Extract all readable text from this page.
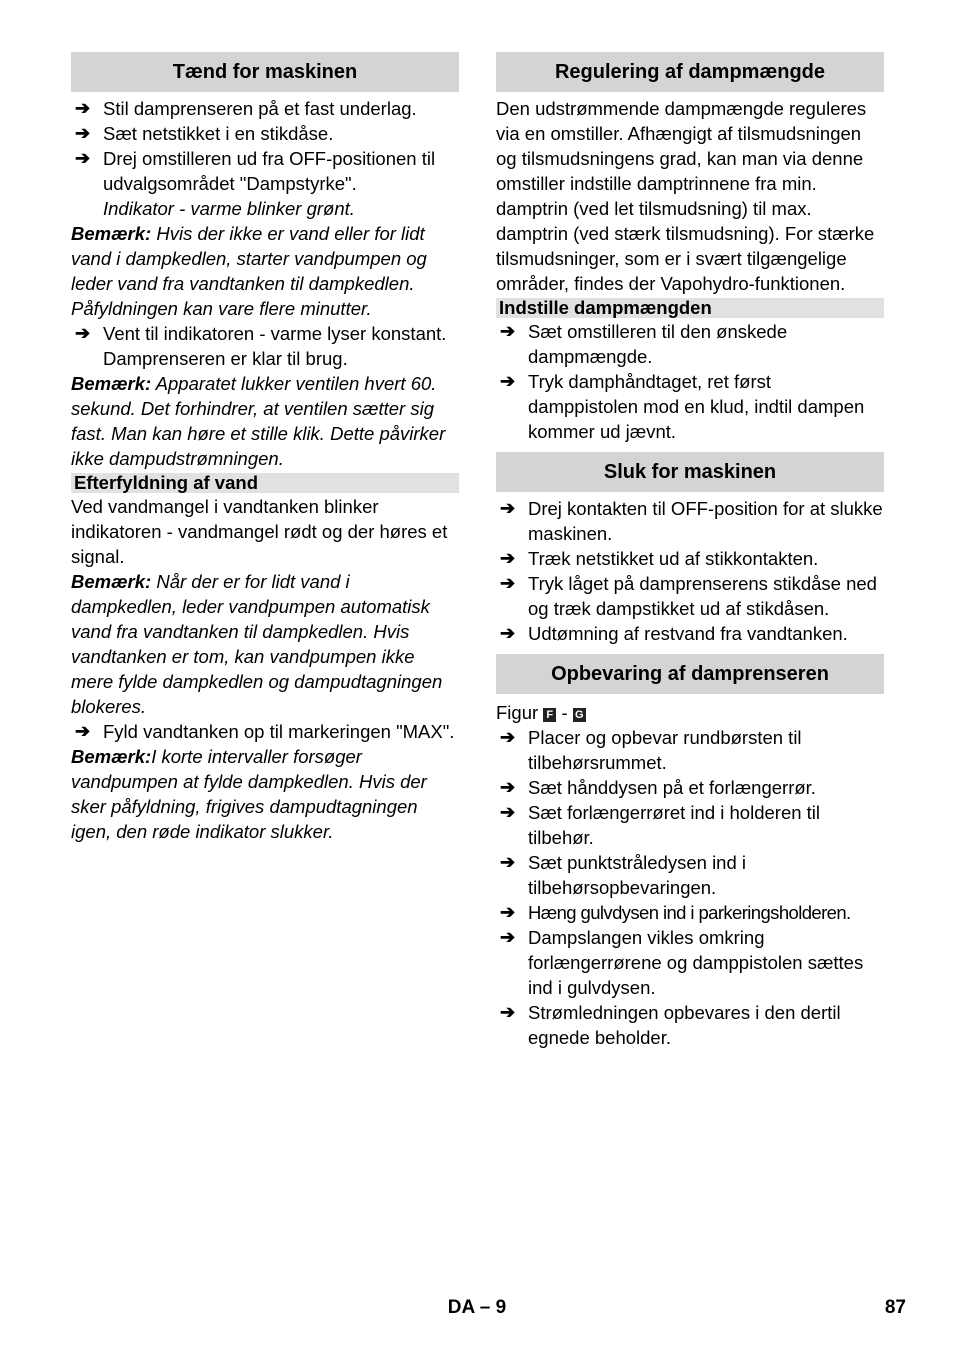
Tænd for maskinen
➔ Stil damprenseren på et fast underlag.
➔ Sæt netstikket i en stikdåse.
➔ Drej omstilleren ud fra OFF-positionen til udvalgsområdet "Dampstyrke".
Indikator - varme blinker grønt.
Bemærk: Hvis der ikke er vand eller for lidt vand i dampkedlen, starter vandpumpen og leder vand fra vandtanken til dampkedlen. Påfyldningen kan vare flere minutter.
➔ Vent til indikatoren - varme lyser konstant.
Damprenseren er klar til brug.
Bemærk: Apparatet lukker ventilen hvert 60. sekund. Det forhindrer, at ventilen sætter sig fast. Man kan høre et stille klik. Dette påvirker ikke dampudstrømningen.
Efterfyldning af vand
Ved vandmangel i vandtanken blinker indikatoren - vandmangel rødt og der høres et signal.
Bemærk: Når der er for lidt vand i dampkedlen, leder vandpumpen automatisk vand fra vandtanken til dampkedlen. Hvis vandtanken er tom, kan vandpumpen ikke mere fylde dampkedlen og dampudtagningen blokeres.
➔ Fyld vandtanken op til markeringen "MAX".
Bemærk:I korte intervaller forsøger vandpumpen at fylde dampkedlen. Hvis der sker påfyldning, frigives dampudtagningen igen, den røde indikator slukker.
Regulering af dampmængde
Den udstrømmende dampmængde reguleres via en omstiller. Afhængigt af tilsmudsningen og tilsmudsningens grad, kan man via denne omstiller indstille damptrinnene fra min. damptrin (ved let tilsmudsning) til max. damptrin (ved stærk tilsmudsning). For stærke tilsmudsninger, som er i svært tilgængelige områder, findes der Vapohydro-funktionen.
Indstille dampmængden
➔ Sæt omstilleren til den ønskede dampmængde.
➔ Tryk damphåndtaget, ret først damppistolen mod en klud, indtil dampen kommer ud jævnt.
Sluk for maskinen
➔ Drej kontakten til OFF-position for at slukke maskinen.
➔ Træk netstikket ud af stikkontakten.
➔ Tryk låget på damprenserens stikdåse ned og træk dampstikket ud af stikdåsen.
➔ Udtømning af restvand fra vandtanken.
Opbevaring af damprenseren
Figur F - G
➔ Placer og opbevar rundbørsten til tilbehørsrummet.
➔ Sæt hånddysen på et forlængerrør.
➔ Sæt forlængerrøret ind i holderen til tilbehør.
➔ Sæt punktstråledysen ind i tilbehørsopbevaringen.
➔ Hæng gulvdysen ind i parkeringsholderen.
➔ Dampslangen vikles omkring forlængerrørene og damppistolen sættes ind i gulvdysen.
➔ Strømledningen opbevares i den dertil egnede beholder.
DA – 9	87
